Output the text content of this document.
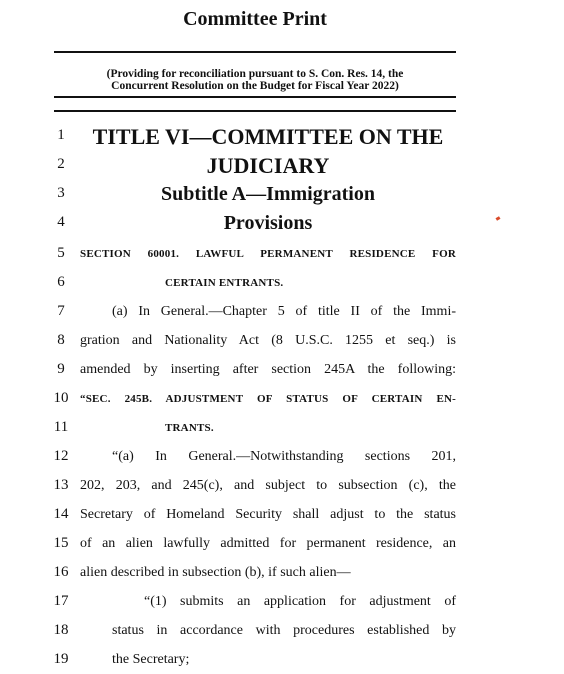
Committee Print
(Providing for reconciliation pursuant to S. Con. Res. 14, the
Concurrent Resolution on the Budget for Fiscal Year 2022)
1
2
3
4
5
6
7
8
9
10
11
12
13
14
15
16
17
18
19
TITLE VI—COMMITTEE ON THE
JUDICIARY
Subtitle A—Immigration
Provisions
SECTION 60001. LAWFUL PERMANENT RESIDENCE FOR
CERTAIN ENTRANTS.
(a) In General.—Chapter 5 of title II of the Immi-
gration and Nationality Act (8 U.S.C. 1255 et seq.) is
amended by inserting after section 245A the following:
“SEC. 245B. ADJUSTMENT OF STATUS OF CERTAIN EN-
TRANTS.
“(a) In General.—Notwithstanding sections 201,
202, 203, and 245(c), and subject to subsection (c), the
Secretary of Homeland Security shall adjust to the status
of an alien lawfully admitted for permanent residence, an
alien described in subsection (b), if such alien—
“(1) submits an application for adjustment of
status in accordance with procedures established by
the Secretary;
